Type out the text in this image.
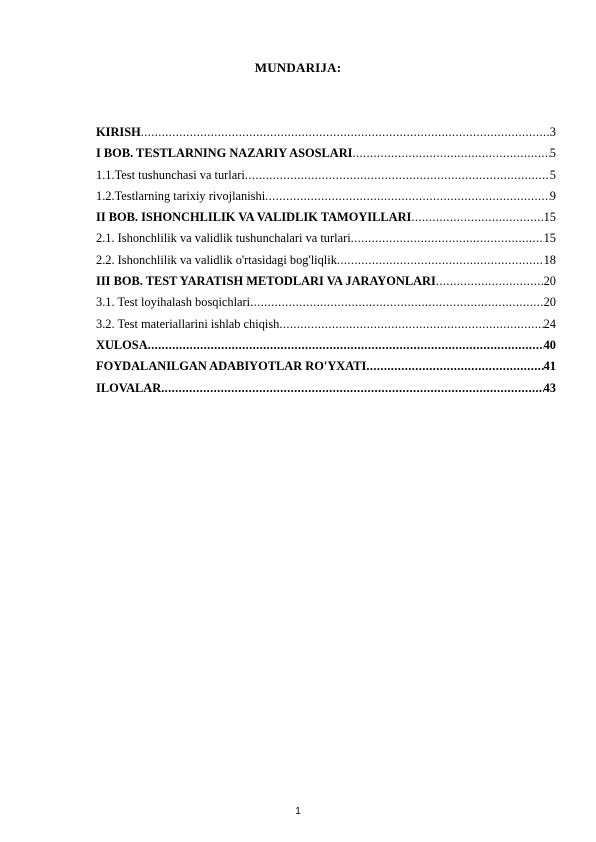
MUNDARIJA:
KIRISH .....	3
I BOB. TESTLARNING NAZARIY ASOSLARI .....	5
1.1.Test tushunchasi va turlari .....	5
1.2.Testlarning tarixiy rivojlanishi .....	9
II BOB. ISHONCHLILIK VA VALIDLIK TAMOYILLARI .....	15
2.1. Ishonchlilik va validlik tushunchalari va turlari .....	15
2.2. Ishonchlilik va validlik o'rtasidagi bog'liqlik .....	18
III BOB. TEST YARATISH METODLARI VA JARAYONLARI .....	20
3.1. Test loyihalash bosqichlari .....	20
3.2. Test materiallarini ishlab chiqish .....	24
XULOSA .....	40
FOYDALANILGAN ADABIYOTLAR RO'YXATI .....	41
ILOVALAR .....	43
1
